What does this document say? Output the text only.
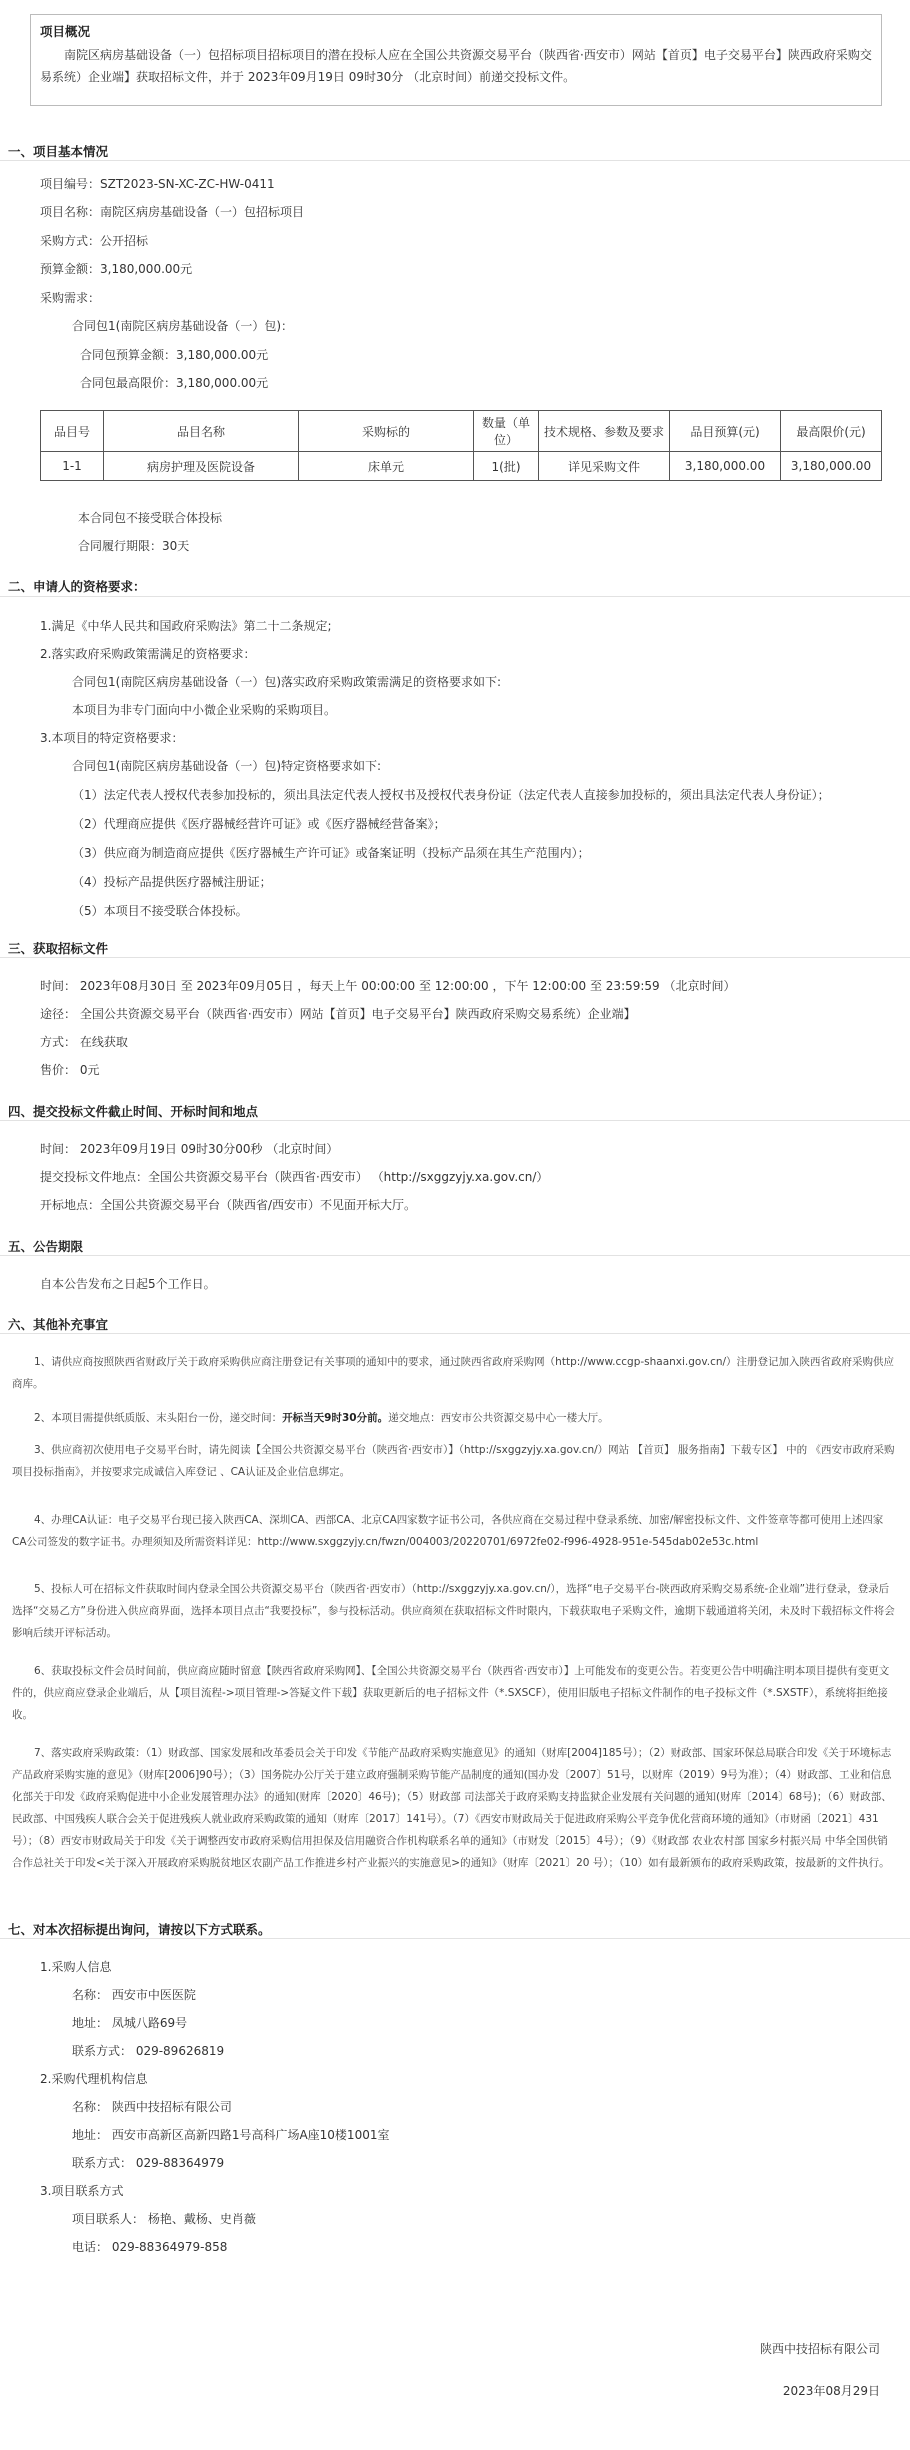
项目概况
南院区病房基础设备（一）包招标项目招标项目的潜在投标人应在全国公共资源交易平台（陕西省·西安市）网站【首页】电子交易平台】陕西政府采购交易系统）企业端】获取招标文件，并于 2023年09月19日 09时30分 （北京时间）前递交投标文件。
一、项目基本情况
项目编号：SZT2023-SN-XC-ZC-HW-0411
项目名称：南院区病房基础设备（一）包招标项目
采购方式：公开招标
预算金额：3,180,000.00元
采购需求：
合同包1(南院区病房基础设备（一）包)：
合同包预算金额：3,180,000.00元
合同包最高限价：3,180,000.00元
品目号	品目名称	采购标的	数量（单位）	技术规格、参数及要求	品目预算(元)	最高限价(元)
1-1	病房护理及医院设备	床单元	1(批)	详见采购文件	3,180,000.00	3,180,000.00
本合同包不接受联合体投标
合同履行期限：30天
二、申请人的资格要求：
1.满足《中华人民共和国政府采购法》第二十二条规定;
2.落实政府采购政策需满足的资格要求：
合同包1(南院区病房基础设备（一）包)落实政府采购政策需满足的资格要求如下:
本项目为非专门面向中小微企业采购的采购项目。
3.本项目的特定资格要求：
合同包1(南院区病房基础设备（一）包)特定资格要求如下:
（1）法定代表人授权代表参加投标的，须出具法定代表人授权书及授权代表身份证（法定代表人直接参加投标的，须出具法定代表人身份证）；
（2）代理商应提供《医疗器械经营许可证》或《医疗器械经营备案》；
（3）供应商为制造商应提供《医疗器械生产许可证》或备案证明（投标产品须在其生产范围内）；
（4）投标产品提供医疗器械注册证；
（5）本项目不接受联合体投标。
三、获取招标文件
时间： 2023年08月30日 至 2023年09月05日 ，每天上午 00:00:00 至 12:00:00 ，下午 12:00:00 至 23:59:59 （北京时间）
途径： 全国公共资源交易平台（陕西省·西安市）网站【首页】电子交易平台】陕西政府采购交易系统）企业端】
方式： 在线获取
售价： 0元
四、提交投标文件截止时间、开标时间和地点
时间： 2023年09月19日 09时30分00秒 （北京时间）
提交投标文件地点：全国公共资源交易平台（陕西省·西安市） （http://sxggzyjy.xa.gov.cn/）
开标地点：全国公共资源交易平台（陕西省/西安市）不见面开标大厅。
五、公告期限
自本公告发布之日起5个工作日。
六、其他补充事宜
1、请供应商按照陕西省财政厅关于政府采购供应商注册登记有关事项的通知中的要求，通过陕西省政府采购网（http://www.ccgp-shaanxi.gov.cn/）注册登记加入陕西省政府采购供应商库。
2、本项目需提供纸质版、末头阳台一份，递交时间：开标当天9时30分前。递交地点：西安市公共资源交易中心一楼大厅。
3、供应商初次使用电子交易平台时，请先阅读【全国公共资源交易平台（陕西省·西安市）】（http://sxggzyjy.xa.gov.cn/）网站 【首页】 服务指南】下载专区】 中的 《西安市政府采购项目投标指南》，并按要求完成诚信入库登记 、CA认证及企业信息绑定。
4、办理CA认证：电子交易平台现已接入陕西CA、深圳CA、西部CA、北京CA四家数字证书公司，各供应商在交易过程中登录系统、加密/解密投标文件、文件签章等都可使用上述四家 CA公司签发的数字证书。办理须知及所需资料详见：http://www.sxggzyjy.cn/fwzn/004003/20220701/6972fe02-f996-4928-951e-545dab02e53c.html
5、投标人可在招标文件获取时间内登录全国公共资源交易平台（陕西省·西安市）（http://sxggzyjy.xa.gov.cn/），选择“电子交易平台-陕西政府采购交易系统-企业端”进行登录，登录后选择“交易乙方”身份进入供应商界面，选择本项目点击“我要投标”，参与投标活动。供应商须在获取招标文件时限内，下载获取电子采购文件，逾期下载通道将关闭，未及时下载招标文件将会影响后续开评标活动。
6、获取投标文件会员时间前，供应商应随时留意【陕西省政府采购网】、【全国公共资源交易平台（陕西省·西安市）】上可能发布的变更公告。若变更公告中明确注明本项目提供有变更文件的，供应商应登录企业端后，从【项目流程->项目管理->答疑文件下载】获取更新后的电子招标文件（*.SXSCF），使用旧版电子招标文件制作的电子投标文件（*.SXSTF），系统将拒绝接收。
7、落实政府采购政策：（1）财政部、国家发展和改革委员会关于印发《节能产品政府采购实施意见》的通知（财库[2004]185号）；（2）财政部、国家环保总局联合印发《关于环境标志产品政府采购实施的意见》（财库[2006]90号）；（3）国务院办公厅关于建立政府强制采购节能产品制度的通知(国办发〔2007〕51号，以财库（2019）9号为准）；（4）财政部、工业和信息化部关于印发《政府采购促进中小企业发展管理办法》的通知(财库〔2020〕46号)；（5）财政部 司法部关于政府采购支持监狱企业发展有关问题的通知(财库〔2014〕68号)；（6）财政部、民政部、中国残疾人联合会关于促进残疾人就业政府采购政策的通知（财库〔2017〕141号）。（7）《西安市财政局关于促进政府采购公平竞争优化营商环境的通知》（市财函〔2021〕431号）；（8）西安市财政局关于印发《关于调整西安市政府采购信用担保及信用融资合作机构联系名单的通知》（市财发〔2015〕4号）；（9）《财政部 农业农村部 国家乡村振兴局 中华全国供销合作总社关于印发<关于深入开展政府采购脱贫地区农副产品工作推进乡村产业振兴的实施意见>的通知》（财库〔2021〕20 号）；（10）如有最新颁布的政府采购政策，按最新的文件执行。
七、对本次招标提出询问，请按以下方式联系。
1.采购人信息
名称： 西安市中医医院
地址： 凤城八路69号
联系方式： 029-89626819
2.采购代理机构信息
名称： 陕西中技招标有限公司
地址： 西安市高新区高新四路1号高科广场A座10楼1001室
联系方式： 029-88364979
3.项目联系方式
项目联系人： 杨艳、戴杨、史肖薇
电话： 029-88364979-858
陕西中技招标有限公司
2023年08月29日
